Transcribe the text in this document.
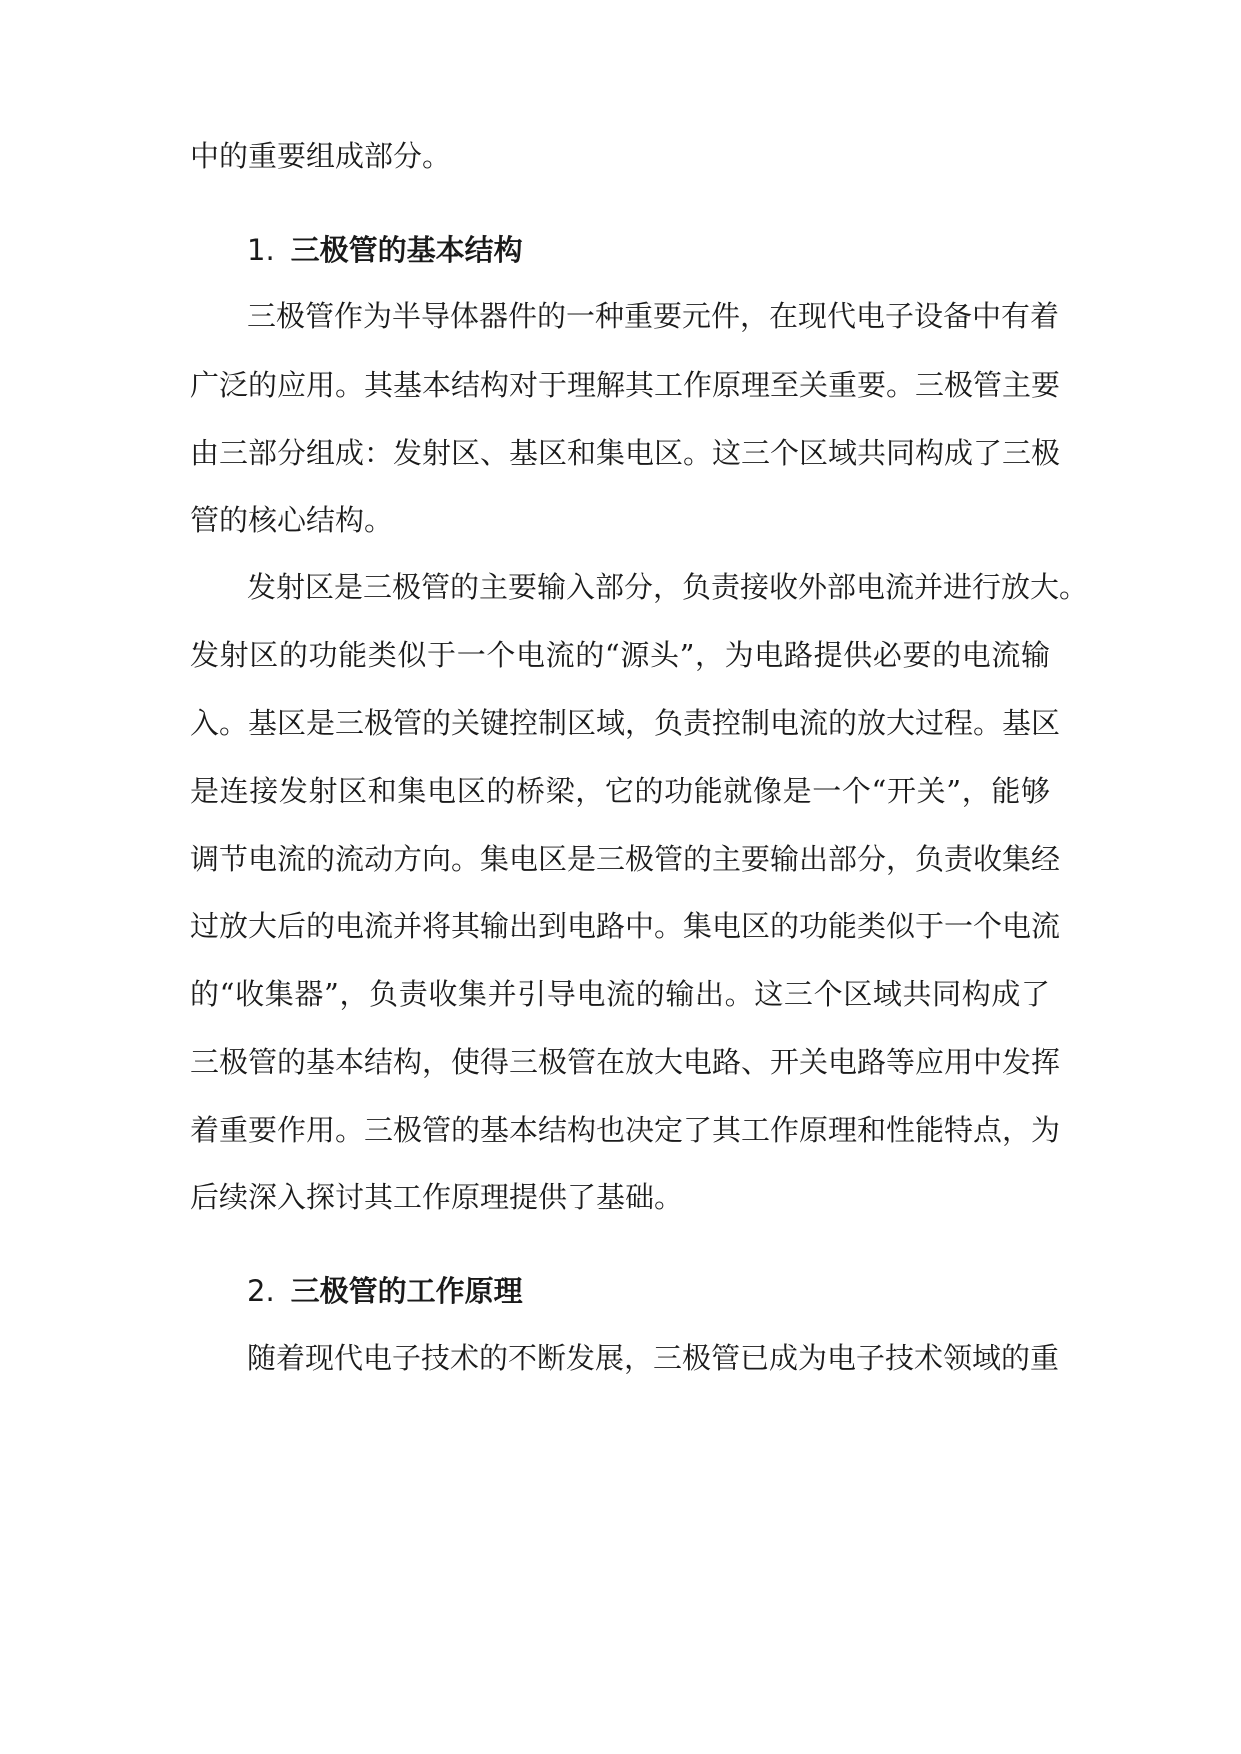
中的重要组成部分。
1. 三极管的基本结构
三极管作为半导体器件的一种重要元件，在现代电子设备中有着
广泛的应用。其基本结构对于理解其工作原理至关重要。三极管主要
由三部分组成：发射区、基区和集电区。这三个区域共同构成了三极
管的核心结构。
发射区是三极管的主要输入部分，负责接收外部电流并进行放大。
发射区的功能类似于一个电流的“源头”，为电路提供必要的电流输
入。基区是三极管的关键控制区域，负责控制电流的放大过程。基区
是连接发射区和集电区的桥梁，它的功能就像是一个“开关”，能够
调节电流的流动方向。集电区是三极管的主要输出部分，负责收集经
过放大后的电流并将其输出到电路中。集电区的功能类似于一个电流
的“收集器”，负责收集并引导电流的输出。这三个区域共同构成了
三极管的基本结构，使得三极管在放大电路、开关电路等应用中发挥
着重要作用。三极管的基本结构也决定了其工作原理和性能特点，为
后续深入探讨其工作原理提供了基础。
2. 三极管的工作原理
随着现代电子技术的不断发展，三极管已成为电子技术领域的重
